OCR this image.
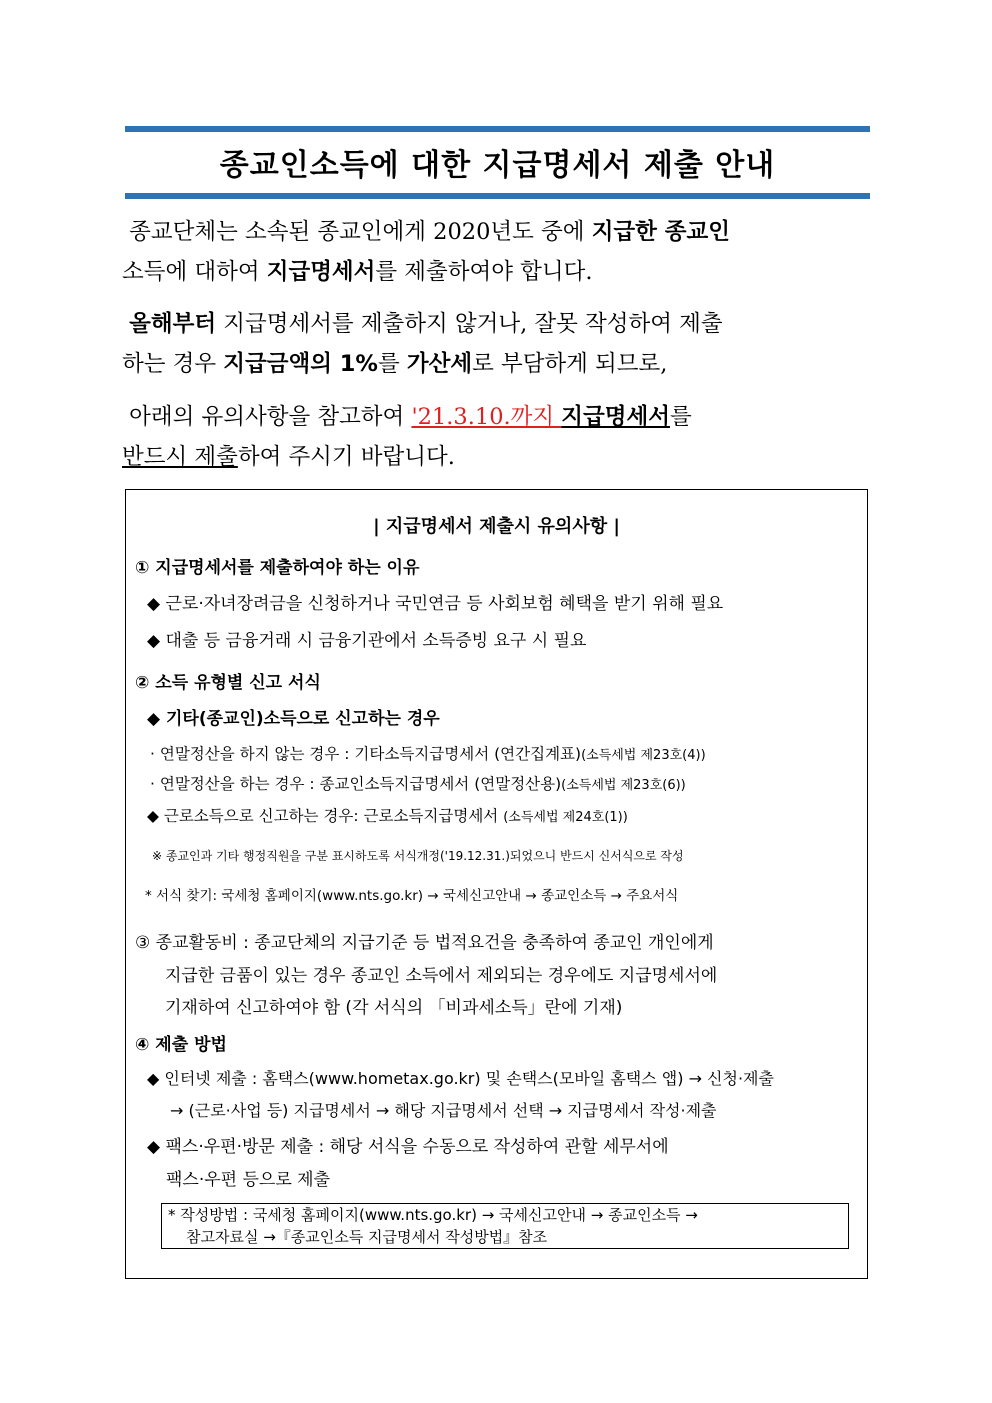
종교인소득에 대한 지급명세서 제출 안내

종교단체는 소속된 종교인에게 2020년도 중에 지급한 종교인

소득에 대하여 지급명세서를 제출하여야 합니다.

올해부터 지급명세서를 제출하지 않거나, 잘못 작성하여 제출

하는 경우 지급금액의 1%를 가산세로 부담하게 되므로,

아래의 유의사항을 참고하여 '21.3.10.까지 지급명세서를

반드시 제출하여 주시기 바랍니다.

| 지급명세서 제출시 유의사항 |
① 지급명세서를 제출하여야 하는 이유
◆ 근로·자녀장려금을 신청하거나 국민연금 등 사회보험 혜택을 받기 위해 필요
◆ 대출 등 금융거래 시 금융기관에서 소득증빙 요구 시 필요
② 소득 유형별 신고 서식
◆ 기타(종교인)소득으로 신고하는 경우
· 연말정산을 하지 않는 경우 : 기타소득지급명세서 (연간집계표)(소득세법 제23호(4))
· 연말정산을 하는 경우 : 종교인소득지급명세서 (연말정산용)(소득세법 제23호(6))
◆ 근로소득으로 신고하는 경우: 근로소득지급명세서 (소득세법 제24호(1))
※ 종교인과 기타 행정직원을 구분 표시하도록 서식개정('19.12.31.)되었으니 반드시 신서식으로 작성
* 서식 찾기: 국세청 홈페이지(www.nts.go.kr) → 국세신고안내 → 종교인소득 → 주요서식
③ 종교활동비 : 종교단체의 지급기준 등 법적요건을 충족하여 종교인 개인에게
지급한 금품이 있는 경우 종교인 소득에서 제외되는 경우에도 지급명세서에
기재하여 신고하여야 함 (각 서식의 「비과세소득」란에 기재)
④ 제출 방법
◆ 인터넷 제출 : 홈택스(www.hometax.go.kr) 및 손택스(모바일 홈택스 앱) → 신청·제출
→ (근로·사업 등) 지급명세서 → 해당 지급명세서 선택 → 지급명세서 작성·제출
◆ 팩스·우편·방문 제출 : 해당 서식을 수동으로 작성하여 관할 세무서에
팩스·우편 등으로 제출
* 작성방법 : 국세청 홈페이지(www.nts.go.kr) → 국세신고안내 → 종교인소득 →
참고자료실 →『종교인소득 지급명세서 작성방법』참조
